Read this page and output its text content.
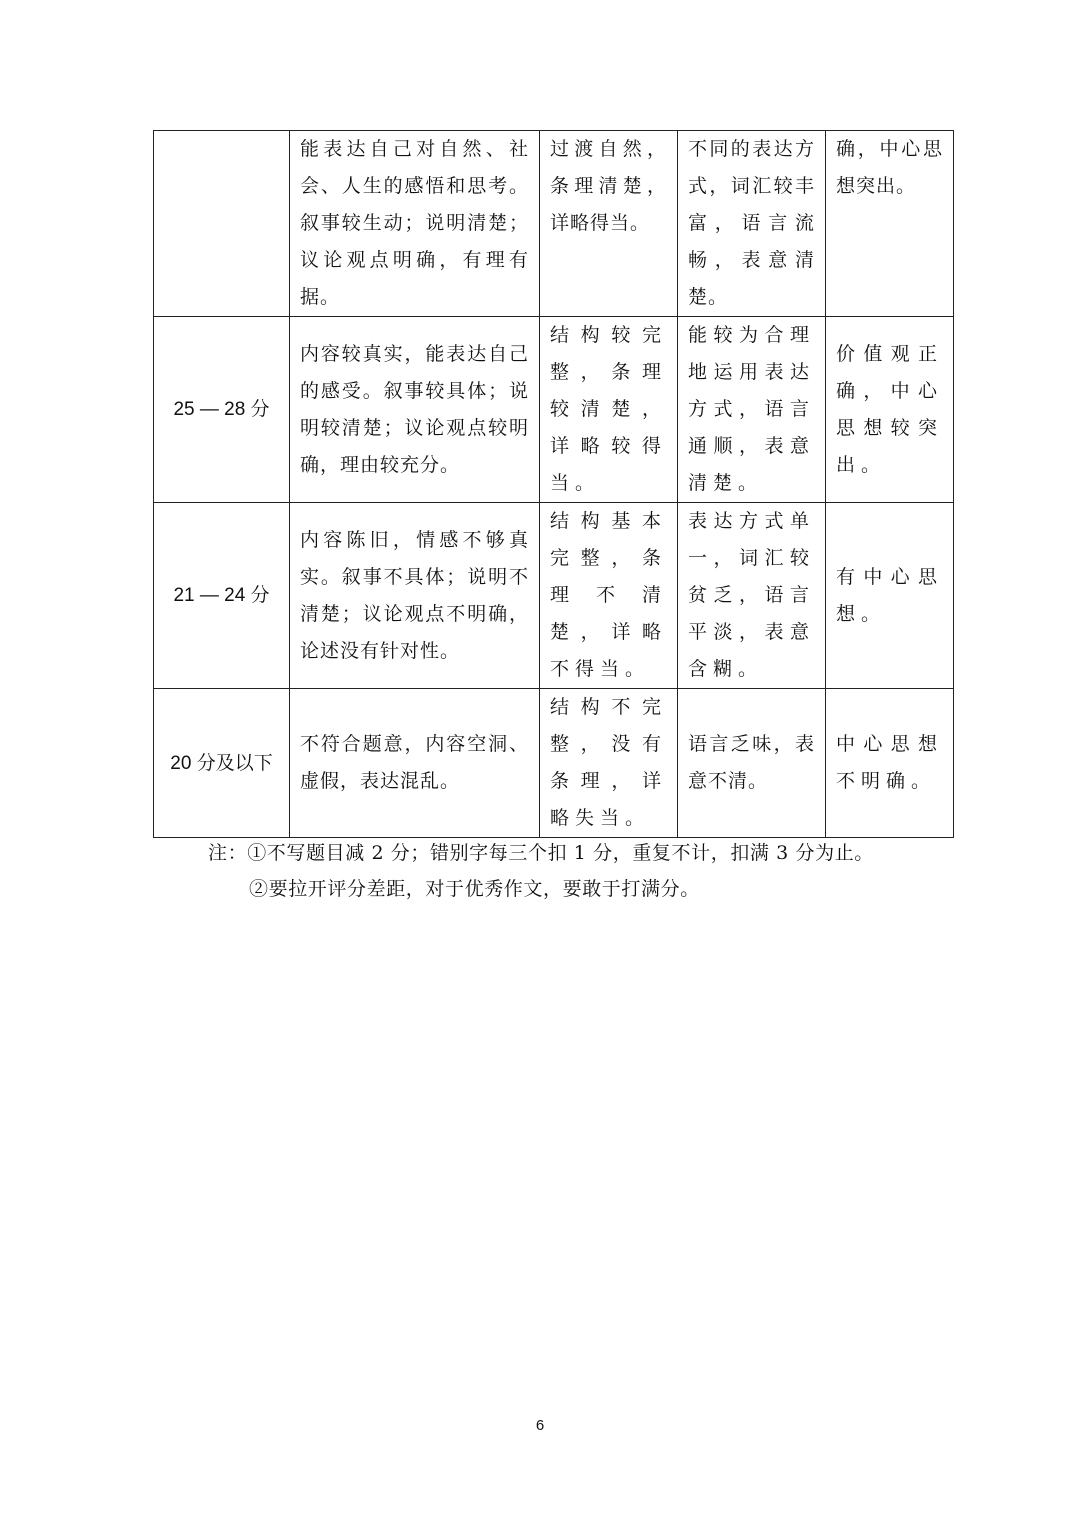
	能表达自己对自然、社会、人生的感悟和思考。叙事较生动；说明清楚；议论观点明确，有理有据。	过渡自然，条理清楚，详略得当。	不同的表达方式，词汇较丰富，语言流畅，表意清楚。	确，中心思想突出。
25 — 28 分	内容较真实，能表达自己的感受。叙事较具体；说明较清楚；议论观点较明确，理由较充分。	结构较完整，条理较清楚，详略较得当。	能较为合理地运用表达方式，语言通顺，表意清楚。	价值观正确，中心思想较突出。
21 — 24 分	内容陈旧，情感不够真实。叙事不具体；说明不清楚；议论观点不明确，论述没有针对性。	结构基本完整，条理不清楚，详略不得当。	表达方式单一，词汇较贫乏，语言平淡，表意含糊。	有中心思想。
20 分及以下	不符合题意，内容空洞、虚假，表达混乱。	结构不完整，没有条理，详略失当。	语言乏味，表意不清。	中心思想不明确。
注：①不写题目减 2 分；错别字每三个扣 1 分，重复不计，扣满 3 分为止。
②要拉开评分差距，对于优秀作文，要敢于打满分。
6
